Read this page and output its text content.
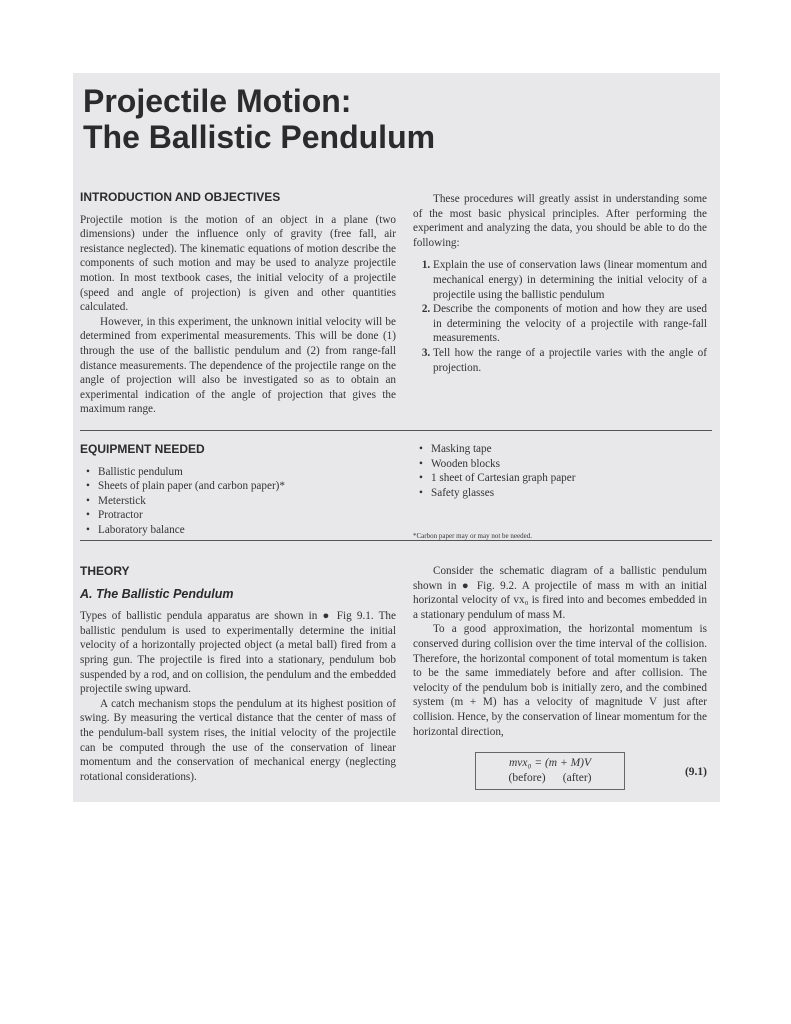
Projectile Motion:
The Ballistic Pendulum
INTRODUCTION AND OBJECTIVES

Projectile motion is the motion of an object in a plane (two dimensions) under the influence only of gravity (free fall, air resistance neglected). The kinematic equations of motion describe the components of such motion and may be used to analyze projectile motion. In most textbook cases, the initial velocity of a projectile (speed and angle of projection) is given and other quantities calculated.

However, in this experiment, the unknown initial velocity will be determined from experimental measurements. This will be done (1) through the use of the ballistic pendulum and (2) from range-fall distance measurements. The dependence of the projectile range on the angle of projection will also be investigated so as to obtain an experimental indication of the angle of projection that gives the maximum range.

These procedures will greatly assist in understanding some of the most basic physical principles. After performing the experiment and analyzing the data, you should be able to do the following:

1. Explain the use of conservation laws (linear momentum and mechanical energy) in determining the initial velocity of a projectile using the ballistic pendulum
2. Describe the components of motion and how they are used in determining the velocity of a projectile with range-fall measurements.
3. Tell how the range of a projectile varies with the angle of projection.
EQUIPMENT NEEDED
• Ballistic pendulum
• Sheets of plain paper (and carbon paper)*
• Meterstick
• Protractor
• Laboratory balance
• Masking tape
• Wooden blocks
• 1 sheet of Cartesian graph paper
• Safety glasses

*Carbon paper may or may not be needed.

THEORY
A. The Ballistic Pendulum

Types of ballistic pendula apparatus are shown in ● Fig 9.1. The ballistic pendulum is used to experimentally determine the initial velocity of a horizontally projected object (a metal ball) fired from a spring gun. The projectile is fired into a stationary, pendulum bob suspended by a rod, and on collision, the pendulum and the embedded projectile swing upward.

A catch mechanism stops the pendulum at its highest position of swing. By measuring the vertical distance that the center of mass of the pendulum-ball system rises, the initial velocity of the projectile can be computed through the use of the conservation of linear momentum and the conservation of mechanical energy (neglecting rotational considerations).

Consider the schematic diagram of a ballistic pendulum shown in ● Fig. 9.2. A projectile of mass m with an initial horizontal velocity of vx₀ is fired into and becomes embedded in a stationary pendulum of mass M.

To a good approximation, the horizontal momentum is conserved during collision over the time interval of the collision. Therefore, the horizontal component of total momentum is taken to be the same immediately before and after collision. The velocity of the pendulum bob is initially zero, and the combined system (m + M) has a velocity of magnitude V just after collision. Hence, by the conservation of linear momentum for the horizontal direction,

mvx₀ = (m + M)V
(before)      (after)	(9.1)
